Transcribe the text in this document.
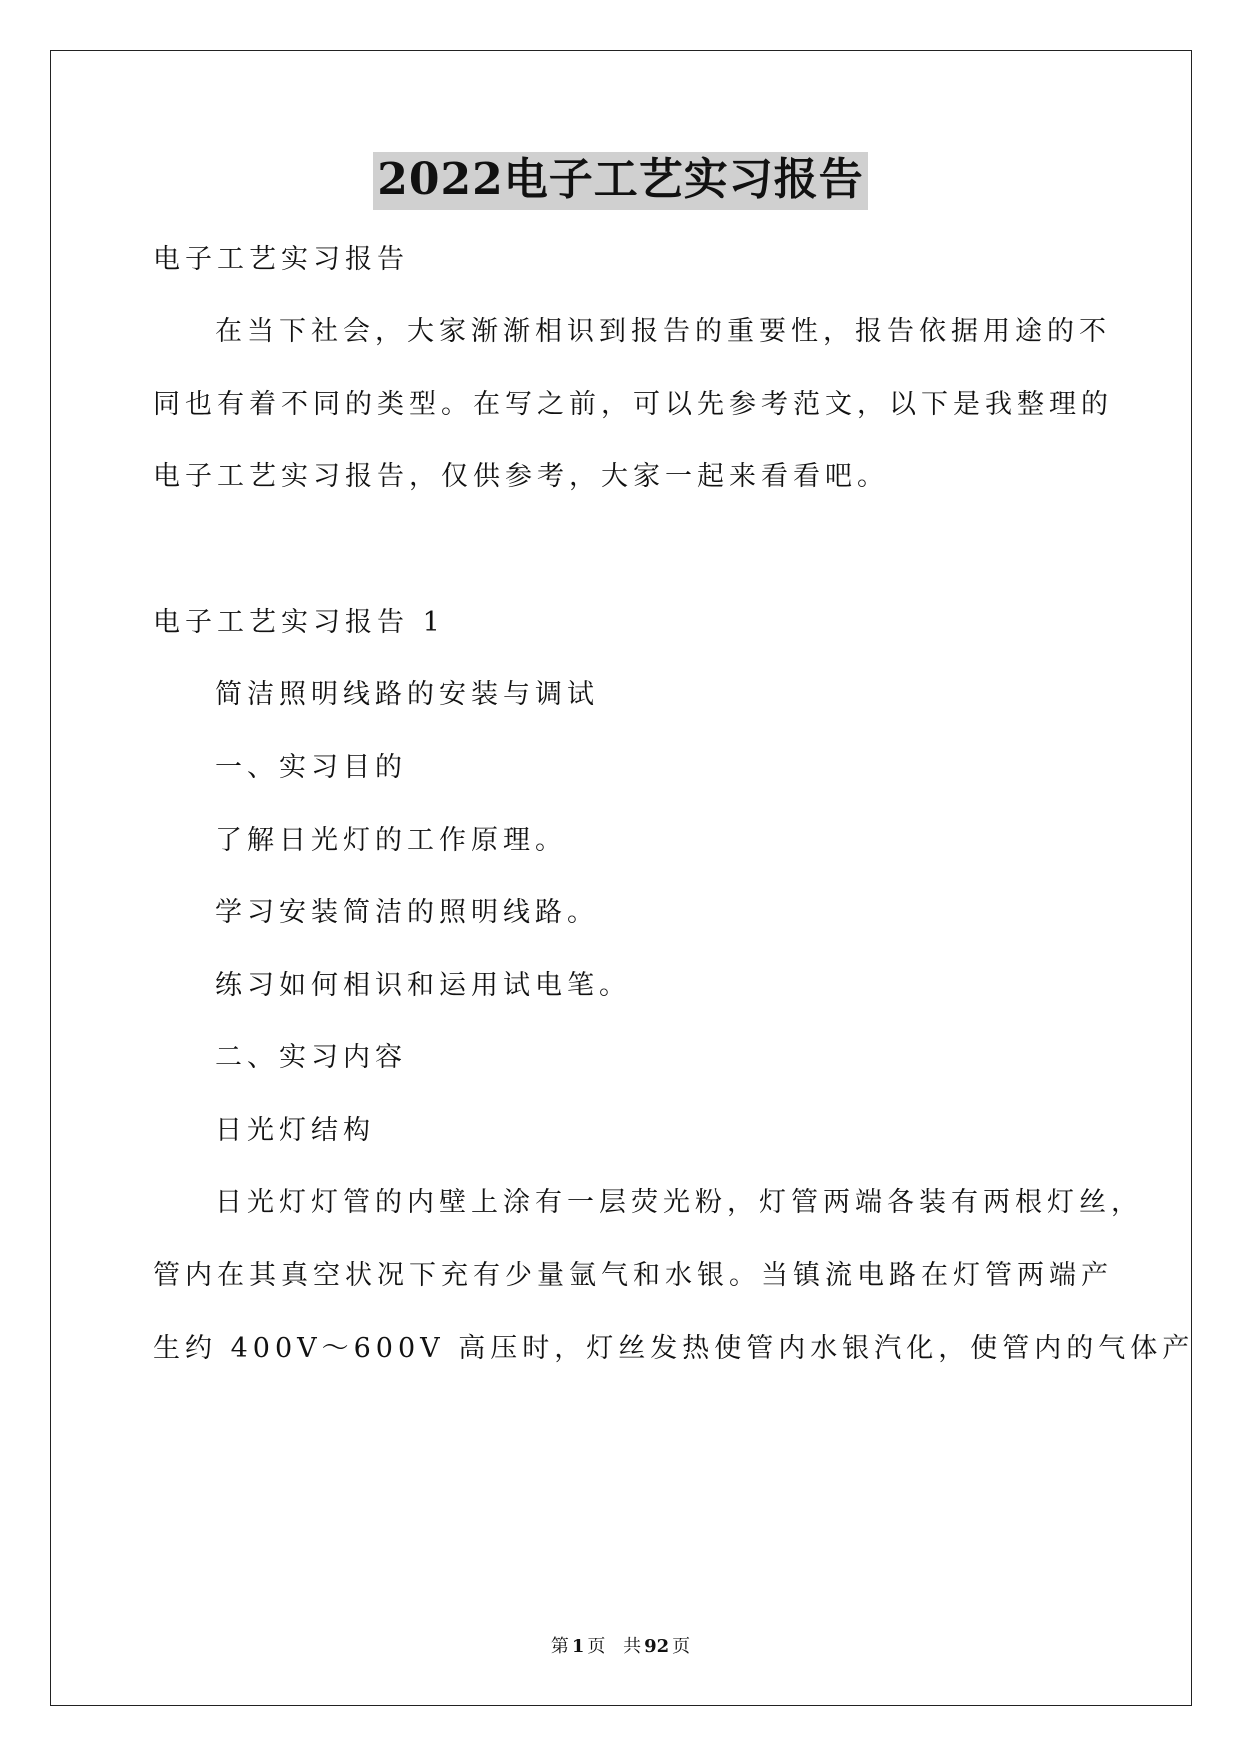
2022电子工艺实习报告
电子工艺实习报告
在当下社会，大家渐渐相识到报告的重要性，报告依据用途的不
同也有着不同的类型。在写之前，可以先参考范文，以下是我整理的
电子工艺实习报告，仅供参考，大家一起来看看吧。
电子工艺实习报告 1
简洁照明线路的安装与调试
一、实习目的
了解日光灯的工作原理。
学习安装简洁的照明线路。
练习如何相识和运用试电笔。
二、实习内容
日光灯结构
日光灯灯管的内壁上涂有一层荧光粉，灯管两端各装有两根灯丝，
管内在其真空状况下充有少量氩气和水银。当镇流电路在灯管两端产
生约 400V～600V 高压时，灯丝发热使管内水银汽化，使管内的气体产
第 1 页 共 92 页
